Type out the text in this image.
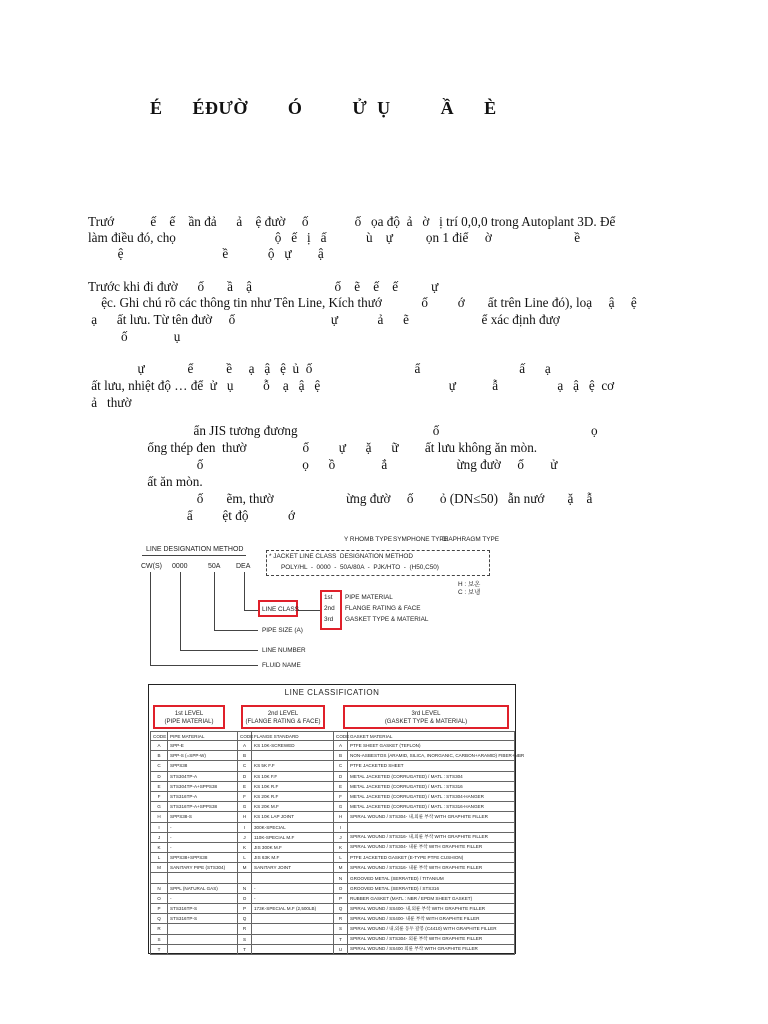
É      ÉĐƯỜ        Ó          Ử  Ụ          Ầ      È
Trướ           ế    ế    ần đả      ả    ệ đườ     ố              ố   ọa độ  ả   ờ   ị trí 0,0,0 trong Autoplant 3D. Để
làm điều đó, chọ                              ộ   ế   ị   ấ            ù    ự          ọn 1 điể     ờ                         ề
ệ                              ề            ộ   ự        ậ
Trước khi đi đườ      ố       ầ    ậ                         ố    ẽ    ế    ế          ự
ệc. Ghi chú rõ các thông tin như Tên Line, Kích thướ            ố         ớ       ất trên Line đó), loạ     ậ     ệ
ạ      ất lưu. Từ tên đườ     ố                             ự            ả      ẽ                      ể xác định đượ
ố              ụ
ự             ể          ề     ạ   ậ   ệ  ủ  ố                               ẩ                              ấ      ạ
ất lưu, nhiệt độ … để  ử   ụ         ỗ    ạ   ậ   ệ                                       ự           ẫ                  ạ   ậ   ệ  cơ
ả   thườ
ẩn JIS tương đương                                         ố                                              ọ
ống thép đen  thườ                 ố         ự      ặ      ữ        ất lưu không ăn mòn.
ố                              ọ      ồ              ắ                     ừng đườ     ố        ử
ất ăn mòn.
ố       ẽm, thườ                      ừng đườ     ố        ỏ (DN≤50)   ẫn nướ       ặ    ẫ
ẩ         ệt độ            ớ
Y RHOMB TYPE SYMPHONE TYPE
DIAPHRAGM TYPE
LINE DESIGNATION METHOD
CW(S) 0000	50A DEA
* JACKET LINE CLASS  DESIGNATION METHOD
POLY/HL  -  0000  -  50A/80A  -  PJK/HTO  -  (H50,C50)
H : 보온
C : 보냉
LINE NUMBER
FLUID NAME
PIPE SIZE (A)
LINE CLASS
1st
2nd
3rd
PIPE MATERIAL
FLANGE RATING & FACE
GASKET TYPE & MATERIAL
LINE CLASSIFICATION
1st LEVEL
(PIPE MATERIAL)
2nd LEVEL
(FLANGE RATING & FACE)
3rd LEVEL
(GASKET TYPE & MATERIAL)
CODE	PIPE MATERIAL	CODE	FLANGE STANDARD	CODE	GASKET MATERIAL
A	SPP-E	A	KS 10K-SCREWED	A	PTFE SHEET GASKET (TEFLON)
B	SPP-S (=SPP-W)	B		B	NON-ASBESTOS (ARAMID, SILICA, INORGANIC, CARBON+ARAMID) FIBER+NBR
C	SPPS38	C	KS 5K F.F	C	PTFE JACKETED SHEET
D	STS304TP-A	D	KS 10K F.F	D	METAL JACKETED (CORRUGATED) / MATL : STS304
E	STS304TP-A+SPPS38	E	KS 10K R.F	E	METAL JACKETED (CORRUGATED) / MATL : STS316
F	STS316TP-A	F	KS 20K R.F	F	METAL JACKETED (CORRUGATED) / MATL : STS304-HANGER
G	STS316TP-A+SPPS38	G	KS 20K M.F	G	METAL JACKETED (CORRUGATED) / MATL : STS316-HANGER
H	SPPS38-S	H	KS 10K LAP JOINT	H	SPIRAL WOUND / STS304- 내,외륜 부착 WITH GRAPHITE FILLER
I	-	I	300K-SPECIAL	I	
J	-	J	110K-SPECIAL M.F	J	SPIRAL WOUND / STS316- 내,외륜 부착 WITH GRAPHITE FILLER
K	-	K	JIS 300K M.F	K	SPIRAL WOUND / STS304- 내륜 부착 WITH GRAPHITE FILLER
L	SPPS38+SPPS38	L	JIS 63K M.F	L	PTFE JACKETED GASKET (E-TYPE PTFE CUSHION)
M	SANITARY PIPE (STS304)	M	SANITARY JOINT	M	SPIRAL WOUND / STS316- 내륜 부착 WITH GRAPHITE FILLER
				N	GROOVED METAL (SERRATED) / TITANIUM
N	SPPL (NATURAL GAS)	N	-	O	GROOVED METAL (SERRATED) / STS316
O	-	O	-	P	RUBBER GASKET (MATL : NBR / EPDM SHEET GASKET)
P	STS316TP-S	P	173K-SPECIAL M.F (2,500LB)	Q	SPIRAL WOUND / SS400- 내,외륜 부착 WITH GRAPHITE FILLER
Q	STS316TP-S	Q		R	SPIRAL WOUND / SS400- 내륜 부착 WITH GRAPHITE FILLER
R		R		S	SPIRAL WOUND / 내,외륜 동두 갈봉 (C4410) WITH GRAPHITE FILLER
S		S		T	SPIRAL WOUND / STS304- 외륜 부착 WITH GRAPHITE FILLER
T		T		U	SPIRAL WOUND / SS400 외륜 부착 WITH GRAPHITE FILLER
